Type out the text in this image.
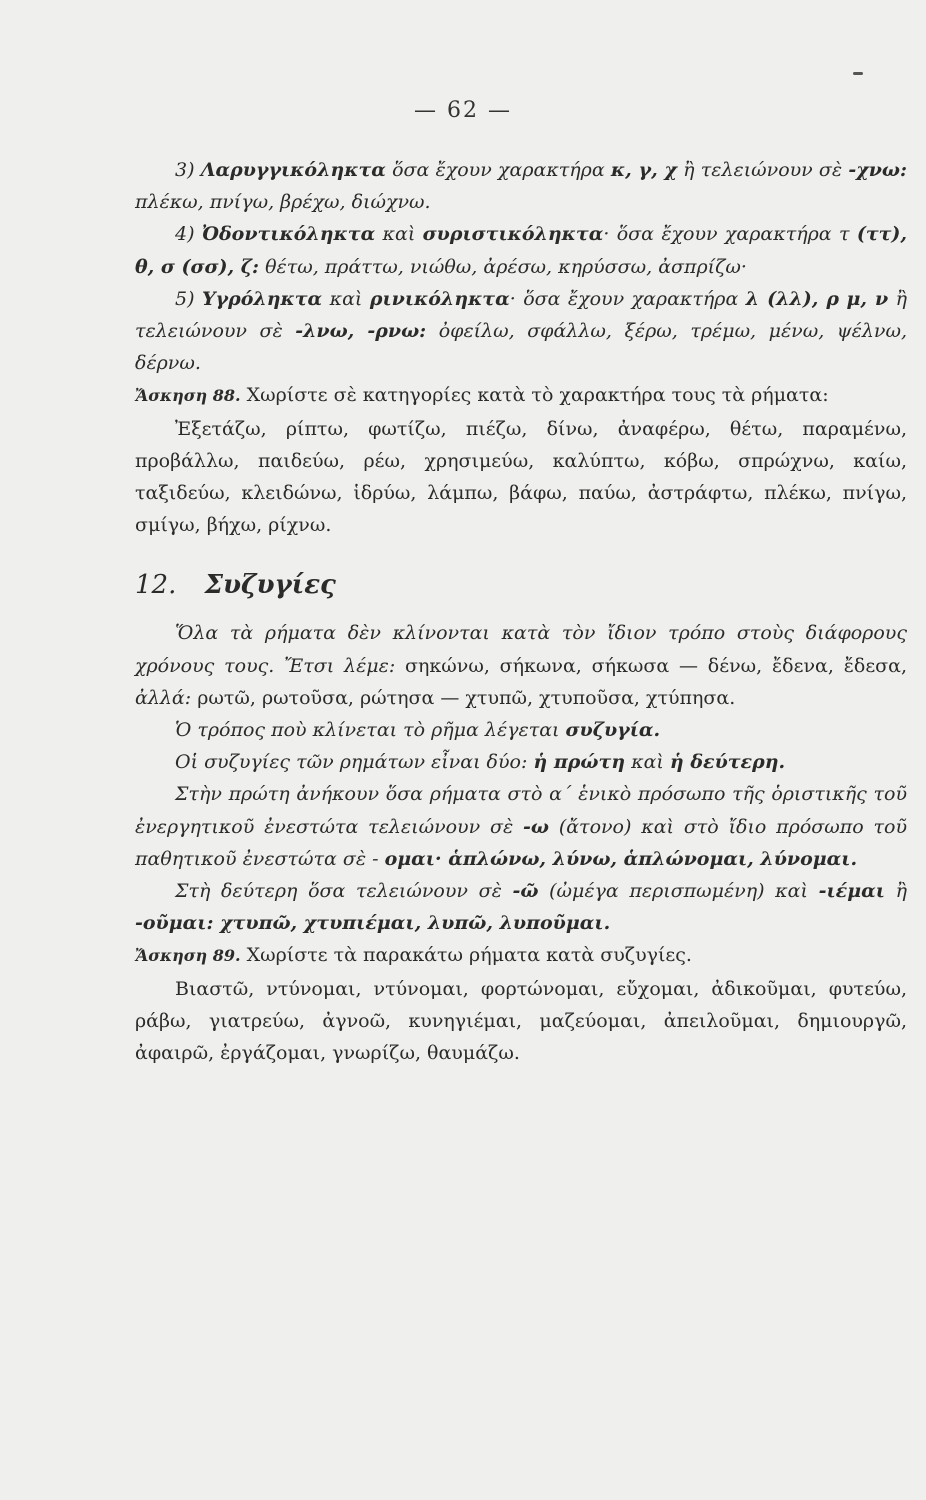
— 62 —

3) Λαρυγγικόληκτα ὅσα ἔχουν χαρακτήρα κ, γ, χ ἢ τελειώνουν σὲ -χνω: πλέκω, πνίγω, βρέχω, διώχνω.

4) Ὀδοντικόληκτα καὶ συριστικόληκτα· ὅσα ἔχουν χαρακτήρα τ (ττ), θ, σ (σσ), ζ: θέτω, πράττω, νιώθω, ἀρέσω, κηρύσσω, ἀσπρίζω·

5) Υγρόληκτα καὶ ρινικόληκτα· ὅσα ἔχουν χαρακτήρα λ (λλ), ρ μ, ν ἢ τελειώνουν σὲ -λνω, -ρνω: ὀφείλω, σφάλλω, ξέρω, τρέμω, μένω, ψέλνω, δέρνω.

Ἄσκηση 88. Χωρίστε σὲ κατηγορίες κατὰ τὸ χαρακτήρα τους τὰ ρήματα:

Ἐξετάζω, ρίπτω, φωτίζω, πιέζω, δίνω, ἀναφέρω, θέτω, παραμένω, προβάλλω, παιδεύω, ρέω, χρησιμεύω, καλύπτω, κόβω, σπρώχνω, καίω, ταξιδεύω, κλειδώνω, ἱδρύω, λάμπω, βάφω, παύω, ἀστράφτω, πλέκω, πνίγω, σμίγω, βήχω, ρίχνω.

12. Συζυγίες

Ὅλα τὰ ρήματα δὲν κλίνονται κατὰ τὸν ἴδιον τρόπο στοὺς διάφορους χρόνους τους. Ἔτσι λέμε: σηκώνω, σήκωνα, σήκωσα — δένω, ἔδενα, ἔδεσα, ἀλλά: ρωτῶ, ρωτοῦσα, ρώτησα — χτυπῶ, χτυποῦσα, χτύπησα.

Ὁ τρόπος ποὺ κλίνεται τὸ ρῆμα λέγεται συζυγία.

Οἱ συζυγίες τῶν ρημάτων εἶναι δύο: ἡ πρώτη καὶ ἡ δεύτερη.

Στὴν πρώτη ἀνήκουν ὅσα ρήματα στὸ α΄ ἑνικὸ πρόσωπο τῆς ὁριστικῆς τοῦ ἐνεργητικοῦ ἐνεστώτα τελειώνουν σὲ -ω (ἄτονο) καὶ στὸ ἴδιο πρόσωπο τοῦ παθητικοῦ ἐνεστώτα σὲ - ομαι· ἁπλώνω, λύνω, ἁπλώνομαι, λύνομαι.

Στὴ δεύτερη ὅσα τελειώνουν σὲ -ῶ (ὠμέγα περισπωμένη) καὶ -ιέμαι ἢ -οῦμαι: χτυπῶ, χτυπιέμαι, λυπῶ, λυποῦμαι.

Ἄσκηση 89. Χωρίστε τὰ παρακάτω ρήματα κατὰ συζυγίες.

Βιαστῶ, ντύνομαι, ντύνομαι, φορτώνομαι, εὔχομαι, ἀδικοῦμαι, φυτεύω, ράβω, γιατρεύω, ἀγνοῶ, κυνηγιέμαι, μαζεύομαι, ἀπειλοῦμαι, δημιουργῶ, ἀφαιρῶ, ἐργάζομαι, γνωρίζω, θαυμάζω.
